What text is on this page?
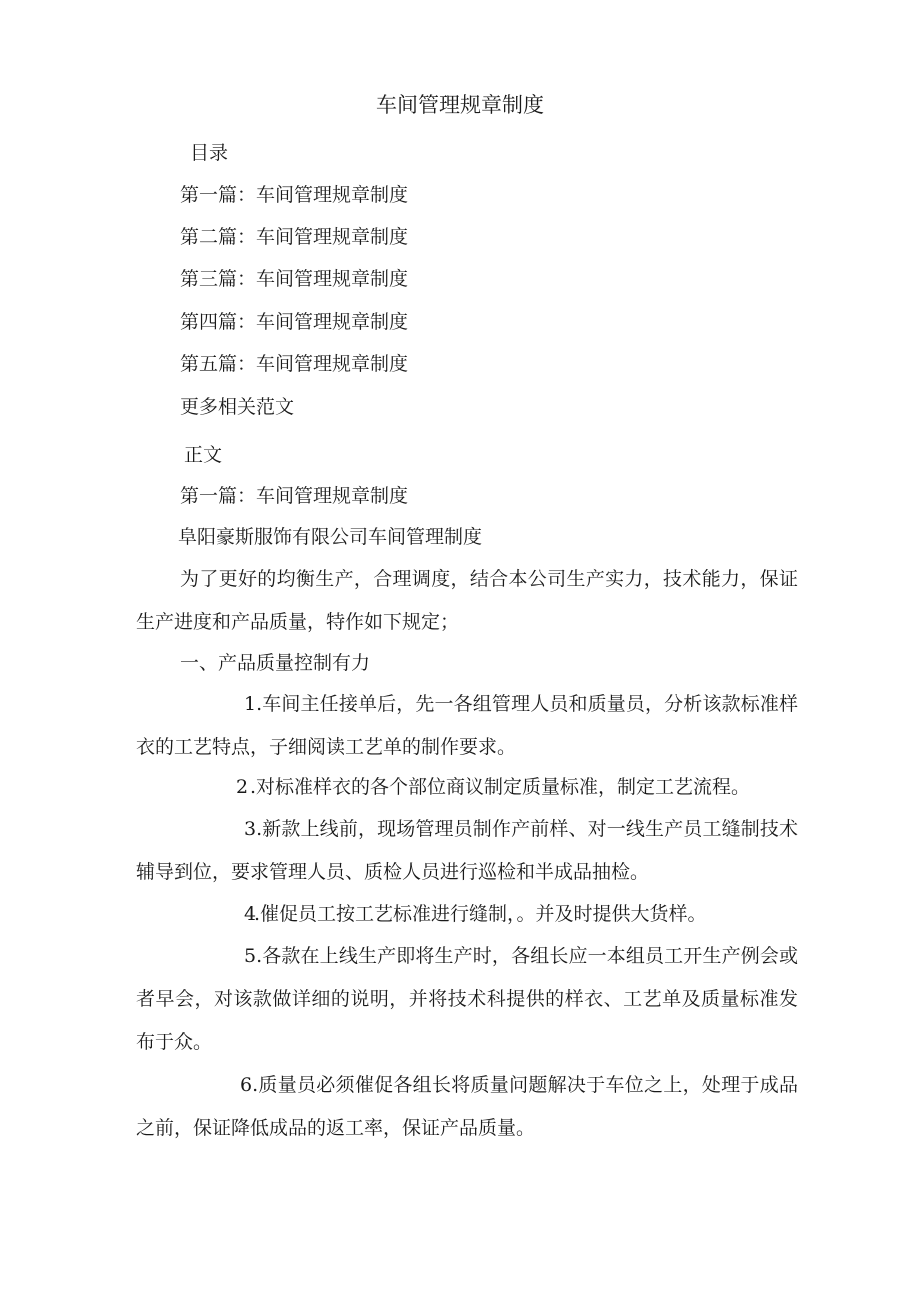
车间管理规章制度

目录

第一篇：车间管理规章制度

第二篇：车间管理规章制度

第三篇：车间管理规章制度

第四篇：车间管理规章制度

第五篇：车间管理规章制度

更多相关范文

正文

第一篇：车间管理规章制度

阜阳豪斯服饰有限公司车间管理制度

为了更好的均衡生产，合理调度，结合本公司生产实力，技术能力，保证生产进度和产品质量，特作如下规定；

一、产品质量控制有力

1.车间主任接单后，先一各组管理人员和质量员，分析该款标准样衣的工艺特点，子细阅读工艺单的制作要求。

2 .对标准样衣的各个部位商议制定质量标准，制定工艺流程。

3.新款上线前，现场管理员制作产前样、对一线生产员工缝制技术辅导到位，要求管理人员、质检人员进行巡检和半成品抽检。

4.催促员工按工艺标准进行缝制，。并及时提供大货样。

5.各款在上线生产即将生产时，各组长应一本组员工开生产例会或者早会，对该款做详细的说明，并将技术科提供的样衣、工艺单及质量标准发布于众。

6.质量员必须催促各组长将质量问题解决于车位之上，处理于成品之前，保证降低成品的返工率，保证产品质量。
